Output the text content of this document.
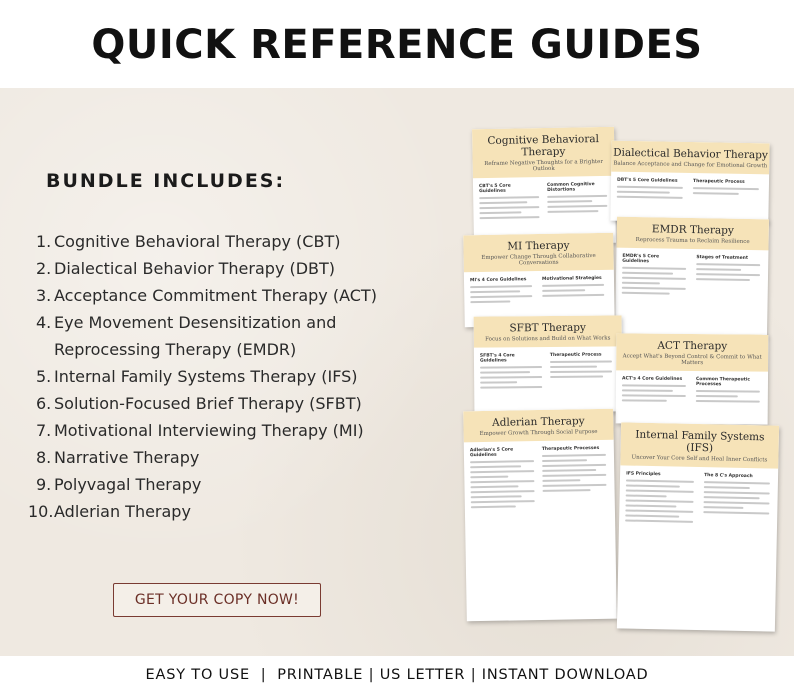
QUICK REFERENCE GUIDES
BUNDLE INCLUDES:
1. Cognitive Behavioral Therapy (CBT)
2. Dialectical Behavior Therapy (DBT)
3. Acceptance Commitment Therapy (ACT)
4. Eye Movement Desensitization and Reprocessing Therapy (EMDR)
5. Internal Family Systems Therapy (IFS)
6. Solution-Focused Brief Therapy (SFBT)
7. Motivational Interviewing Therapy (MI)
8. Narrative Therapy
9. Polyvagal Therapy
10. Adlerian Therapy
GET YOUR COPY NOW!
Cognitive Behavioral Therapy
Reframe Negative Thoughts for a Brighter Outlook
CBT's 5 Core Guidelines
Common Cognitive Distortions
Dialectical Behavior Therapy
Balance Acceptance and Change for Emotional Growth
DBT's 5 Core Guidelines	Therapeutic Process
EMDR Therapy
Reprocess Trauma to Reclaim Resilience
EMDR's 5 Core Guidelines
Stages of Treatment
MI Therapy
Empower Change Through Collaborative Conversations
MI's 4 Core Guidelines	Motivational Strategies
SFBT Therapy
Focus on Solutions and Build on What Works
SFBT's 4 Core Guidelines
Therapeutic Process
ACT Therapy
Accept What's Beyond Control & Commit to What Matters
ACT's 4 Core Guidelines	Common Therapeutic Processes
Adlerian Therapy
Empower Growth Through Social Purpose
Adlerian's 5 Core Guidelines
Therapeutic Processes
Internal Family Systems (IFS)
Uncover Your Core Self and Heal Inner Conflicts
IFS Principles	The 8 C's Approach
EASY TO USE  |  PRINTABLE | US LETTER | INSTANT DOWNLOAD
